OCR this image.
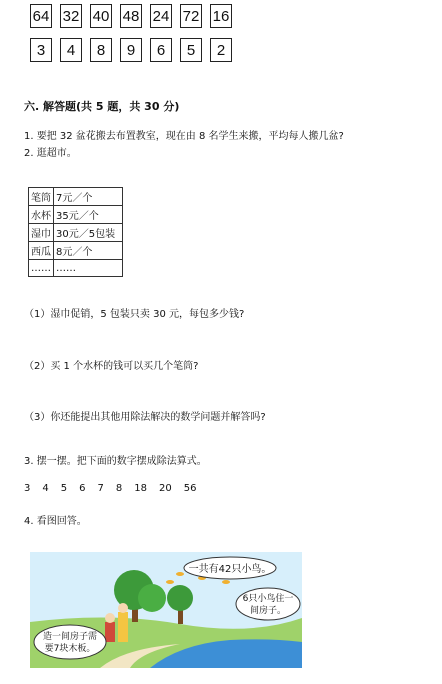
64 32 40 48 24 72 16
3	4	8	9	6	5	2
六. 解答题(共 5 题，共 30 分)
1. 要把 32 盆花搬去布置教室，现在由 8 名学生来搬，平均每人搬几盆?
2. 逛超市。
笔筒	7元／个
水杯	35元／个
湿巾	30元／5包装
西瓜	8元／个
……	……
（1）湿巾促销，5 包装只卖 30 元，每包多少钱?
（2）买 1 个水杯的钱可以买几个笔筒?
（3）你还能提出其他用除法解决的数学问题并解答吗?
3. 摆一摆。把下面的数字摆成除法算式。
3 4 5 6 7 8 18 20 56
4. 看图回答。
一共有42只小鸟。
6只小鸟住一
间房子。
造一间房子需
要7块木板。
